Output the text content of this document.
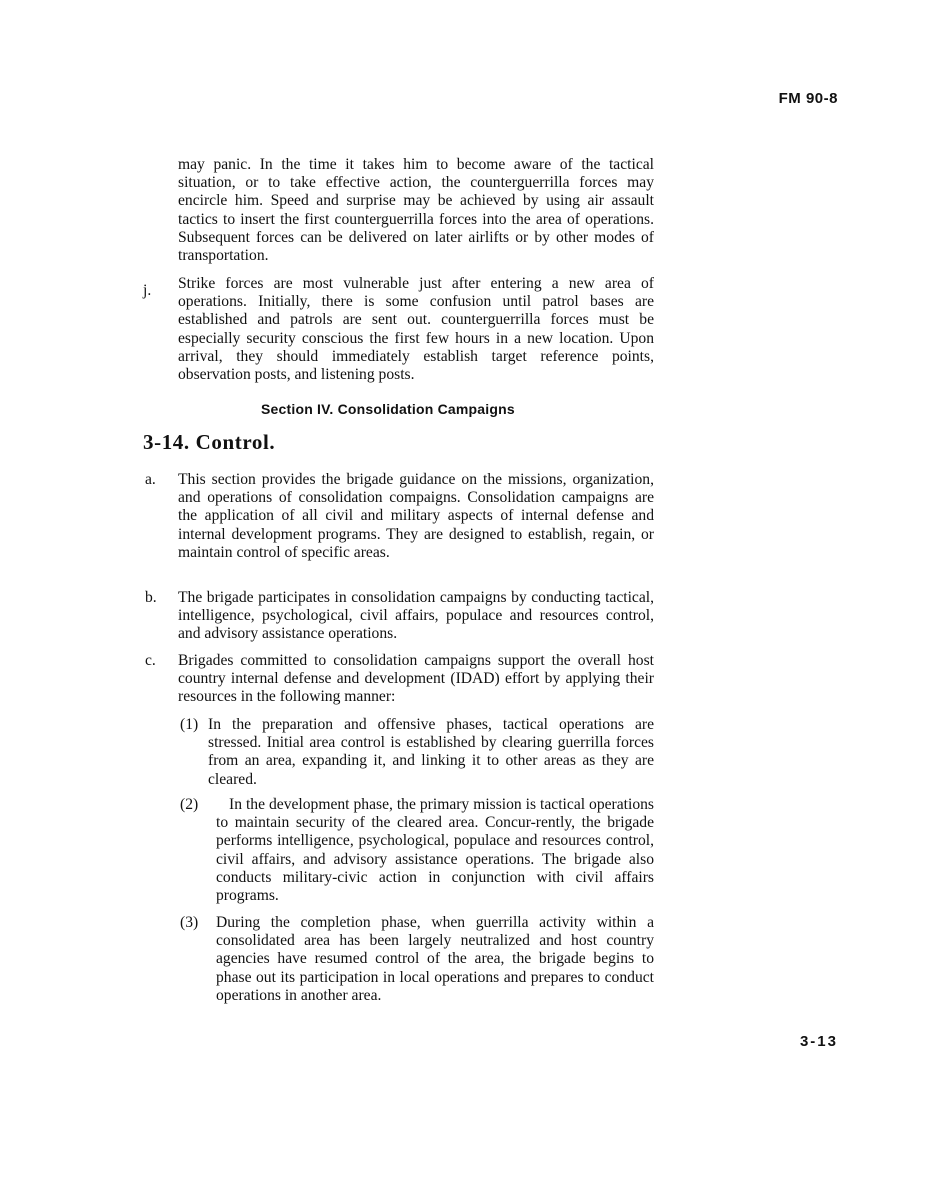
FM 90-8
may panic. In the time it takes him to become aware of the tactical situation, or to take effective action, the counterguerrilla forces may encircle him. Speed and surprise may be achieved by using air assault tactics to insert the first counterguerrilla forces into the area of operations. Subsequent forces can be delivered on later airlifts or by other modes of transportation.
j. Strike forces are most vulnerable just after entering a new area of operations. Initially, there is some confusion until patrol bases are established and patrols are sent out. counterguerrilla forces must be especially security conscious the first few hours in a new location. Upon arrival, they should immediately establish target reference points, observation posts, and listening posts.
Section IV. Consolidation Campaigns
3-14. Control.
a. This section provides the brigade guidance on the missions, organization, and operations of consolidation compaigns. Consolidation campaigns are the application of all civil and military aspects of internal defense and internal development programs. They are designed to establish, regain, or maintain control of specific areas.
b. The brigade participates in consolidation campaigns by conducting tactical, intelligence, psychological, civil affairs, populace and resources control, and advisory assistance operations.
c. Brigades committed to consolidation campaigns support the overall host country internal defense and development (IDAD) effort by applying their resources in the following manner:
(1) In the preparation and offensive phases, tactical operations are stressed. Initial area control is established by clearing guerrilla forces from an area, expanding it, and linking it to other areas as they are cleared.
(2)	In the development phase, the primary mission is tactical operations to maintain security of the cleared area. Concur-rently, the brigade performs intelligence, psychological, populace and resources control, civil affairs, and advisory assistance operations. The brigade also conducts military-civic action in conjunction with civil affairs programs.
(3) During the completion phase, when guerrilla activity within a consolidated area has been largely neutralized and host country agencies have resumed control of the area, the brigade begins to phase out its participation in local operations and prepares to conduct operations in another area.
3-13
